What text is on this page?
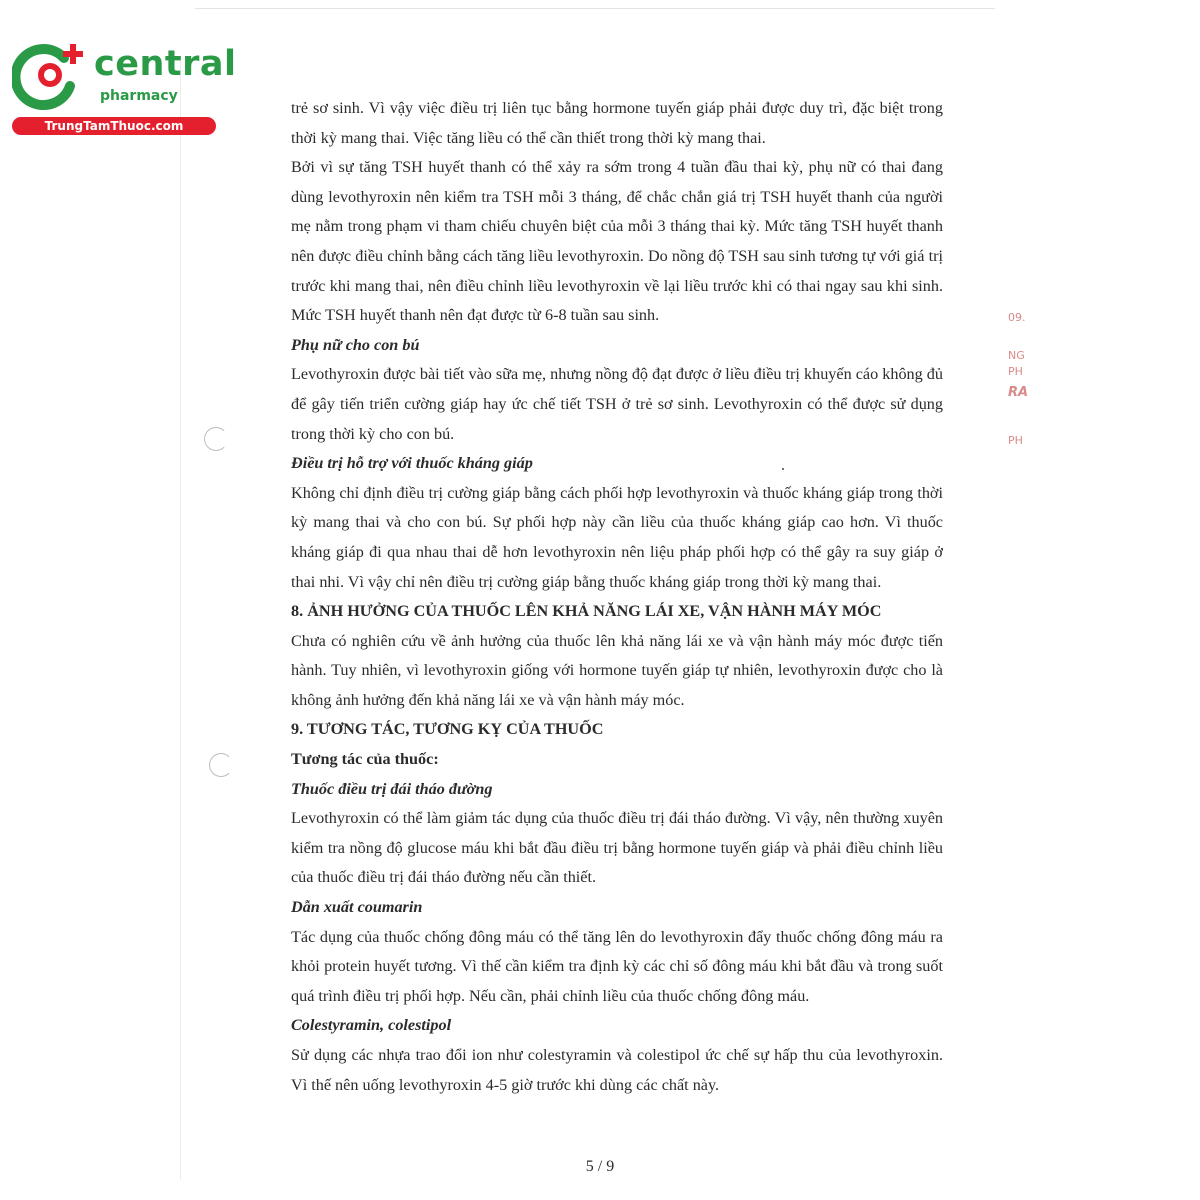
central
pharmacy
TrungTamThuoc.com
09.
NG
PH
RA
PH

trẻ sơ sinh. Vì vậy việc điều trị liên tục bằng hormone tuyến giáp phải được duy trì, đặc biệt trong thời kỳ mang thai. Việc tăng liều có thể cần thiết trong thời kỳ mang thai.

Bởi vì sự tăng TSH huyết thanh có thể xảy ra sớm trong 4 tuần đầu thai kỳ, phụ nữ có thai đang dùng levothyroxin nên kiểm tra TSH mỗi 3 tháng, để chắc chắn giá trị TSH huyết thanh của người mẹ nằm trong phạm vi tham chiếu chuyên biệt của mỗi 3 tháng thai kỳ. Mức tăng TSH huyết thanh nên được điều chỉnh bằng cách tăng liều levothyroxin. Do nồng độ TSH sau sinh tương tự với giá trị trước khi mang thai, nên điều chỉnh liều levothyroxin về lại liều trước khi có thai ngay sau khi sinh. Mức TSH huyết thanh nên đạt được từ 6-8 tuần sau sinh.

Phụ nữ cho con bú

Levothyroxin được bài tiết vào sữa mẹ, nhưng nồng độ đạt được ở liều điều trị khuyến cáo không đủ để gây tiến triển cường giáp hay ức chế tiết TSH ở trẻ sơ sinh. Levothyroxin có thể được sử dụng trong thời kỳ cho con bú.

Điều trị hỗ trợ với thuốc kháng giáp

Không chỉ định điều trị cường giáp bằng cách phối hợp levothyroxin và thuốc kháng giáp trong thời kỳ mang thai và cho con bú. Sự phối hợp này cần liều của thuốc kháng giáp cao hơn. Vì thuốc kháng giáp đi qua nhau thai dễ hơn levothyroxin nên liệu pháp phối hợp có thể gây ra suy giáp ở thai nhi. Vì vậy chỉ nên điều trị cường giáp bằng thuốc kháng giáp trong thời kỳ mang thai.

8. ẢNH HƯỞNG CỦA THUỐC LÊN KHẢ NĂNG LÁI XE, VẬN HÀNH MÁY MÓC

Chưa có nghiên cứu về ảnh hưởng của thuốc lên khả năng lái xe và vận hành máy móc được tiến hành. Tuy nhiên, vì levothyroxin giống với hormone tuyến giáp tự nhiên, levothyroxin được cho là không ảnh hưởng đến khả năng lái xe và vận hành máy móc.

9. TƯƠNG TÁC, TƯƠNG KỴ CỦA THUỐC

Tương tác của thuốc:

Thuốc điều trị đái tháo đường

Levothyroxin có thể làm giảm tác dụng của thuốc điều trị đái tháo đường. Vì vậy, nên thường xuyên kiểm tra nồng độ glucose máu khi bắt đầu điều trị bằng hormone tuyến giáp và phải điều chỉnh liều của thuốc điều trị đái tháo đường nếu cần thiết.

Dẫn xuất coumarin

Tác dụng của thuốc chống đông máu có thể tăng lên do levothyroxin đẩy thuốc chống đông máu ra khỏi protein huyết tương. Vì thế cần kiểm tra định kỳ các chỉ số đông máu khi bắt đầu và trong suốt quá trình điều trị phối hợp. Nếu cần, phải chỉnh liều của thuốc chống đông máu.

Colestyramin, colestipol

Sử dụng các nhựa trao đổi ion như colestyramin và colestipol ức chế sự hấp thu của levothyroxin. Vì thế nên uống levothyroxin 4-5 giờ trước khi dùng các chất này.

5 / 9
